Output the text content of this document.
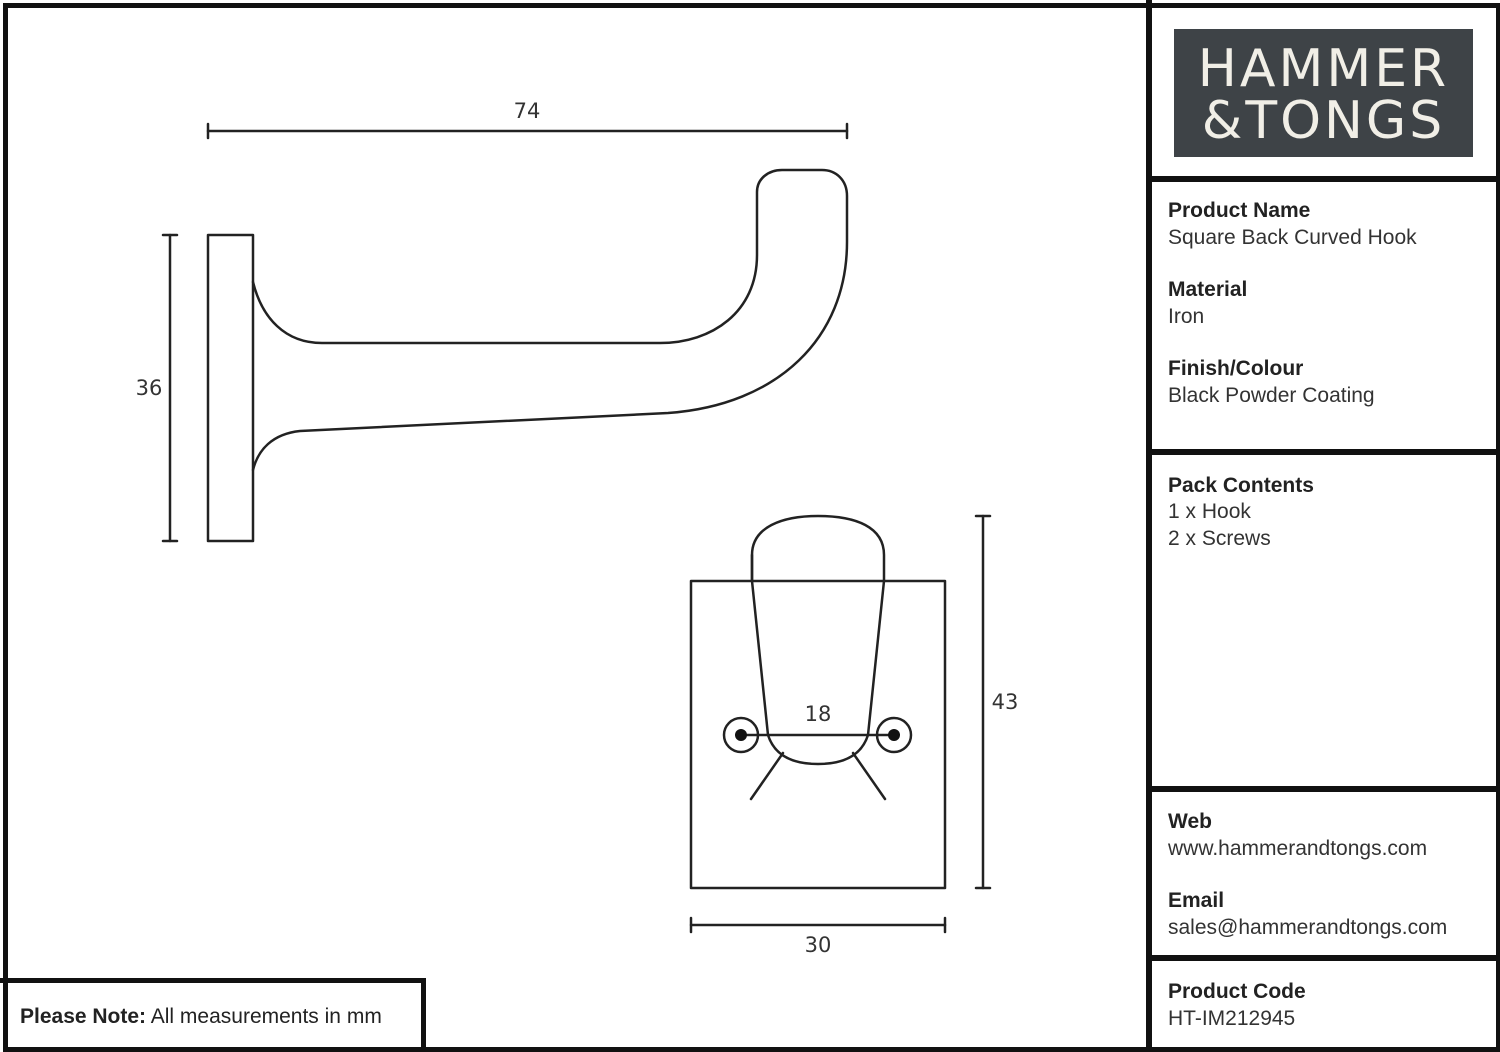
74
36
43
30
18
HAMMER
&TONGS
Product Name
Square Back Curved Hook
Material
Iron
Finish/Colour
Black Powder Coating
Pack Contents
1 x Hook
2 x Screws
Web
www.hammerandtongs.com
Email
sales@hammerandtongs.com
Product Code
HT-IM212945
Please Note: All measurements in mm
